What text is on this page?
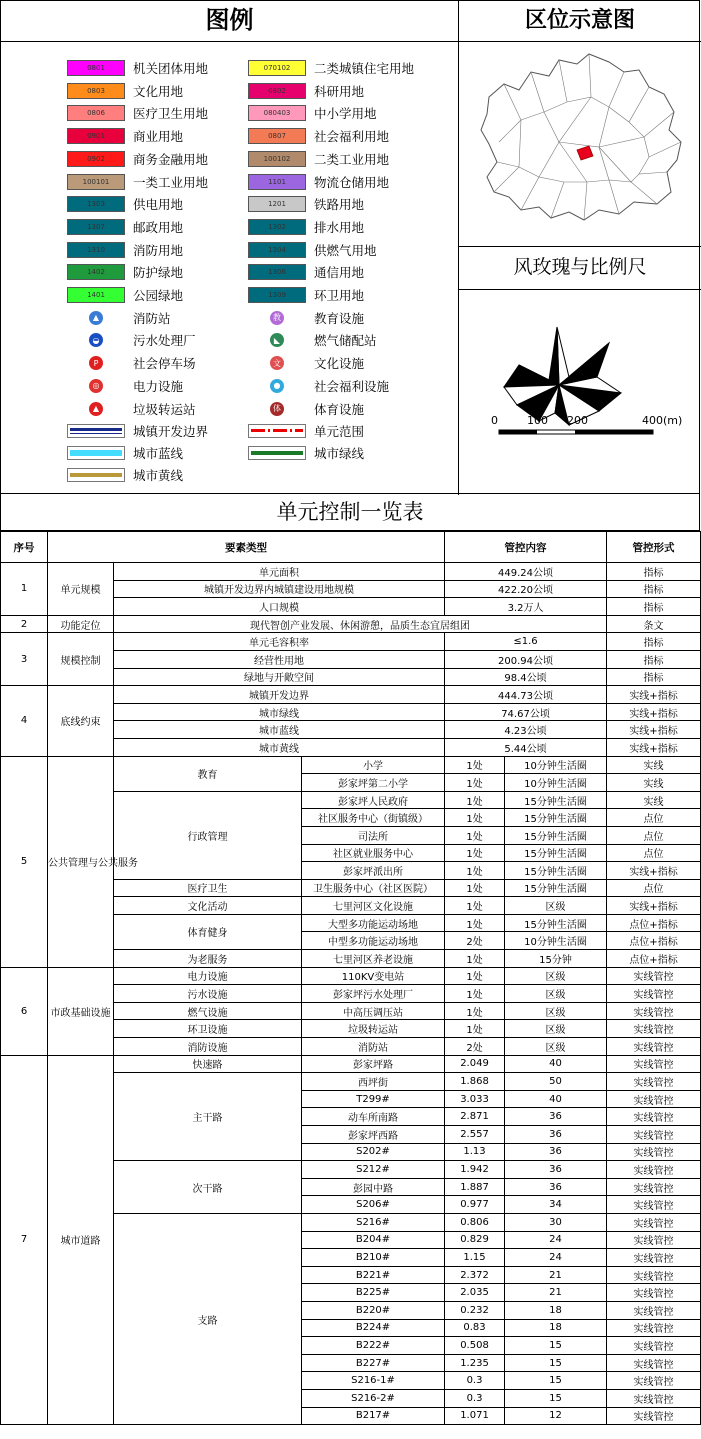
图例
0801	机关团体用地
0803	文化用地
0806	医疗卫生用地
0901	商业用地
0902	商务金融用地
100101	一类工业用地
1303	供电用地
1307	邮政用地
1310	消防用地
1402	防护绿地
1401	公园绿地
070102	二类城镇住宅用地
0802	科研用地
080403	中小学用地
0807	社会福利用地
100102	二类工业用地
1101	物流仓储用地
1201	铁路用地
1302	排水用地
1304	供燃气用地
1306	通信用地
1309	环卫用地
▲	消防站
◒	污水处理厂
P	社会停车场
◎	电力设施
▲	垃圾转运站
教	教育设施
◣	燃气储配站
文	文化设施
●	社会福利设施
体	体育设施
城镇开发边界
城市蓝线
城市黄线
单元范围
城市绿线
区位示意图
风玫瑰与比例尺
0	100 200	400(m)
单元控制一览表
序号	要素类型			管控内容		管控形式
1	单元规模	单元面积		449.24公顷		指标
		城镇开发边界内城镇建设用地规模		422.20公顷		指标
		人口规模		3.2万人		指标
2	功能定位	现代智创产业发展、休闲游憩，品质生态宜居组团				条文
3	规模控制	单元毛容积率		≤1.6		指标
		经营性用地		200.94公顷		指标
		绿地与开敞空间		98.4公顷		指标
4	底线约束	城镇开发边界		444.73公顷		实线+指标
		城市绿线		74.67公顷		实线+指标
		城市蓝线		4.23公顷		实线+指标
		城市黄线		5.44公顷		实线+指标
5	公共管理与公共服务	教育	小学	1处	10分钟生活圈	实线
			彭家坪第二小学	1处	10分钟生活圈	实线
		行政管理	彭家坪人民政府	1处	15分钟生活圈	实线
			社区服务中心（街镇级）	1处	15分钟生活圈	点位
			司法所	1处	15分钟生活圈	点位
			社区就业服务中心	1处	15分钟生活圈	点位
			彭家坪派出所	1处	15分钟生活圈	实线+指标
		医疗卫生	卫生服务中心（社区医院）	1处	15分钟生活圈	点位
		文化活动	七里河区文化设施	1处	区级	实线+指标
		体育健身	大型多功能运动场地	1处	15分钟生活圈	点位+指标
			中型多功能运动场地	2处	10分钟生活圈	点位+指标
		为老服务	七里河区养老设施	1处	15分钟	点位+指标
6	市政基础设施	电力设施	110KV变电站	1处	区级	实线管控
		污水设施	彭家坪污水处理厂	1处	区级	实线管控
		燃气设施	中高压调压站	1处	区级	实线管控
		环卫设施	垃圾转运站	1处	区级	实线管控
		消防设施	消防站	2处	区级	实线管控
7	城市道路	快速路	彭家坪路	2.049	40	实线管控
		主干路	西坪街	1.868	50	实线管控
			T299#	3.033	40	实线管控
			动车所南路	2.871	36	实线管控
			彭家坪西路	2.557	36	实线管控
			S202#	1.13	36	实线管控
		次干路	S212#	1.942	36	实线管控
			彭园中路	1.887	36	实线管控
			S206#	0.977	34	实线管控
		支路	S216#	0.806	30	实线管控
			B204#	0.829	24	实线管控
			B210#	1.15	24	实线管控
			B221#	2.372	21	实线管控
			B225#	2.035	21	实线管控
			B220#	0.232	18	实线管控
			B224#	0.83	18	实线管控
			B222#	0.508	15	实线管控
			B227#	1.235	15	实线管控
			S216-1#	0.3	15	实线管控
			S216-2#	0.3	15	实线管控
			B217#	1.071	12	实线管控
